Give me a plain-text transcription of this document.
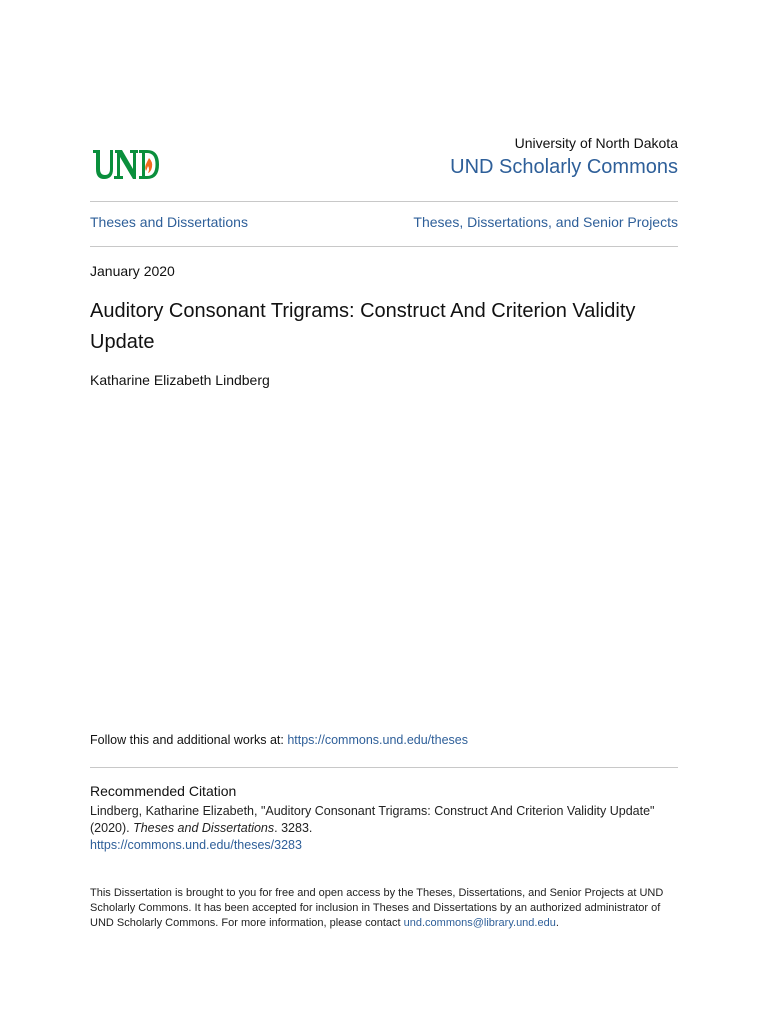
University of North Dakota
UND Scholarly Commons
Theses and Dissertations	Theses, Dissertations, and Senior Projects
January 2020
Auditory Consonant Trigrams: Construct And Criterion Validity Update
Katharine Elizabeth Lindberg
Follow this and additional works at: https://commons.und.edu/theses
Recommended Citation
Lindberg, Katharine Elizabeth, "Auditory Consonant Trigrams: Construct And Criterion Validity Update" (2020). Theses and Dissertations. 3283.
https://commons.und.edu/theses/3283
This Dissertation is brought to you for free and open access by the Theses, Dissertations, and Senior Projects at UND Scholarly Commons. It has been accepted for inclusion in Theses and Dissertations by an authorized administrator of UND Scholarly Commons. For more information, please contact und.commons@library.und.edu.
